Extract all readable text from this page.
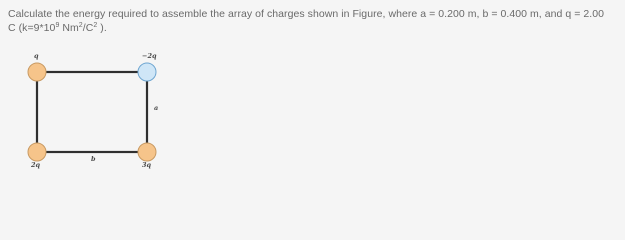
Calculate the energy required to assemble the array of charges shown in Figure, where a = 0.200 m, b = 0.400 m, and q = 2.00
C ($k=9*10^9$ $Nm^2/C^2$ ).
q	−2q
a
2q
b
3q
